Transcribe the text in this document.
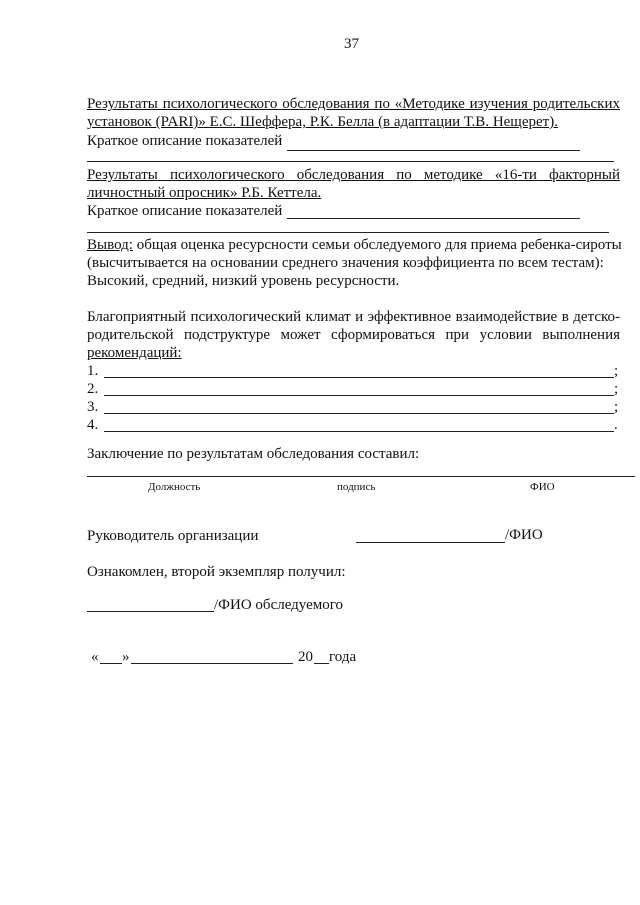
37
Результаты психологического обследования по «Методике изучения родительских
установок (PARI)» Е.С. Шеффера, Р.К. Белла (в адаптации Т.В. Нещерет).
Краткое описание показателей
Результаты психологического обследования по методике «16-ти факторный
личностный опросник» Р.Б. Кеттела.
Краткое описание показателей
Вывод: общая оценка ресурсности семьи обследуемого для приема ребенка-сироты
(высчитывается на основании среднего значения коэффициента по всем тестам):
Высокий, средний, низкий уровень ресурсности.
Благоприятный психологический климат и эффективное взаимодействие в детско-
родительской подструктуре может сформироваться при условии выполнения
рекомендаций:
1.	;
2.	;
3.	;
4.	.
Заключение по результатам обследования составил:
Должность	подпись	ФИО
Руководитель организации	/ФИО
Ознакомлен, второй экземпляр получил:
/ФИО обследуемого
« »	20 года
